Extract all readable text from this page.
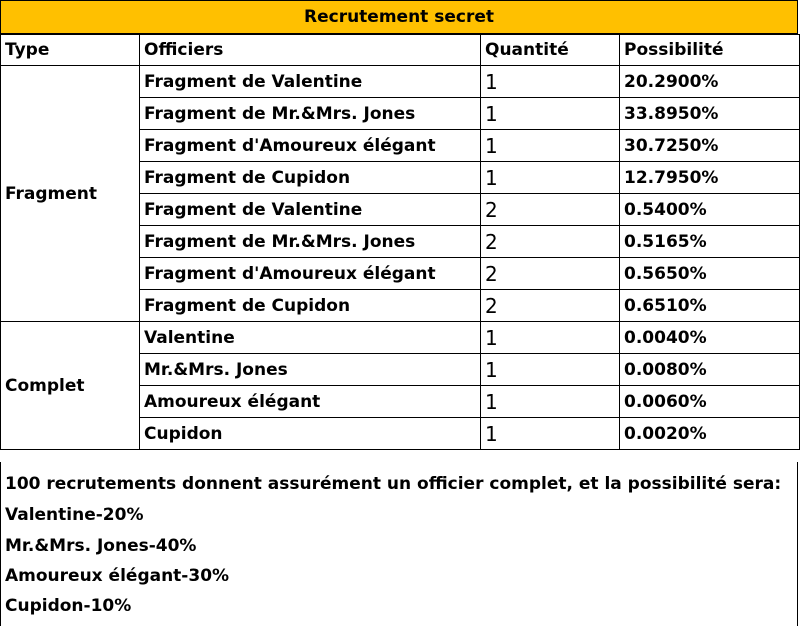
Recrutement secret
Type	Officiers	Quantité	Possibilité
Fragment	Fragment de Valentine	1	20.2900%
	Fragment de Mr.&Mrs. Jones	1	33.8950%
	Fragment d'Amoureux élégant	1	30.7250%
	Fragment de Cupidon	1	12.7950%
	Fragment de Valentine	2	0.5400%
	Fragment de Mr.&Mrs. Jones	2	0.5165%
	Fragment d'Amoureux élégant	2	0.5650%
	Fragment de Cupidon	2	0.6510%
Complet	Valentine	1	0.0040%
	Mr.&Mrs. Jones	1	0.0080%
	Amoureux élégant	1	0.0060%
	Cupidon	1	0.0020%
100 recrutements donnent assurément un officier complet, et la possibilité sera:
Valentine-20%
Mr.&Mrs. Jones-40%
Amoureux élégant-30%
Cupidon-10%
